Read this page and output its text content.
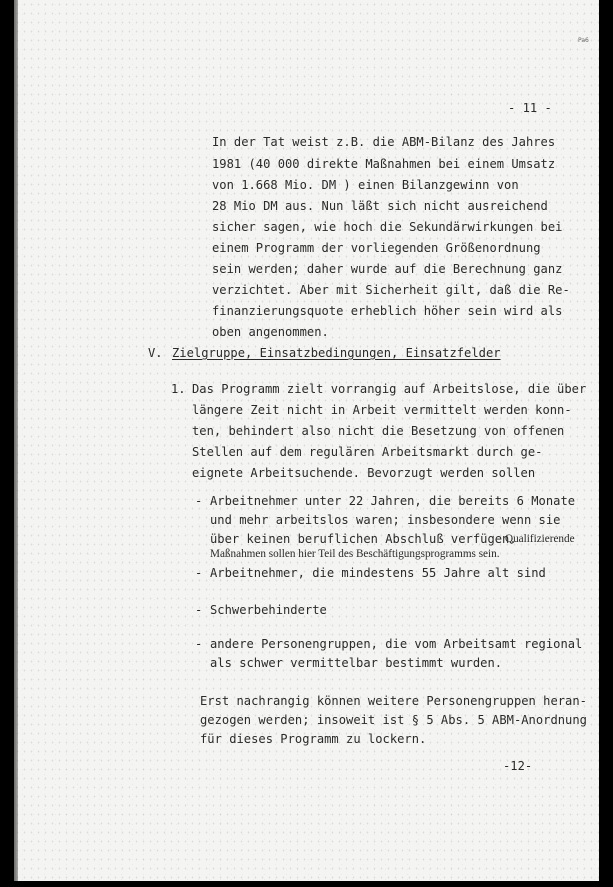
Pa6
- 11 -
In der Tat weist z.B. die ABM-Bilanz des Jahres
1981 (40 000 direkte Maßnahmen bei einem Umsatz
von 1.668 Mio. DM ) einen Bilanzgewinn von
28 Mio DM aus. Nun läßt sich nicht ausreichend
sicher sagen, wie hoch die Sekundärwirkungen bei
einem Programm der vorliegenden Größenordnung
sein werden; daher wurde auf die Berechnung ganz
verzichtet. Aber mit Sicherheit gilt, daß die Re-
finanzierungsquote erheblich höher sein wird als
oben angenommen.
V. Zielgruppe, Einsatzbedingungen, Einsatzfelder
1. Das Programm zielt vorrangig auf Arbeitslose, die über
längere Zeit nicht in Arbeit vermittelt werden konn-
ten, behindert also nicht die Besetzung von offenen
Stellen auf dem regulären Arbeitsmarkt durch ge-
eignete Arbeitsuchende. Bevorzugt werden sollen
- Arbeitnehmer unter 22 Jahren, die bereits 6 Monate
und mehr arbeitslos waren; insbesondere wenn sie
über keinen beruflichen Abschluß verfügen.
Qualifizierende
Maßnahmen sollen hier Teil des Beschäftigungsprogramms sein.
- Arbeitnehmer, die mindestens 55 Jahre alt sind
- Schwerbehinderte
- andere Personengruppen, die vom Arbeitsamt regional
als schwer vermittelbar bestimmt wurden.
Erst nachrangig können weitere Personengruppen heran-
gezogen werden; insoweit ist § 5 Abs. 5 ABM-Anordnung
für dieses Programm zu lockern.
-12-
